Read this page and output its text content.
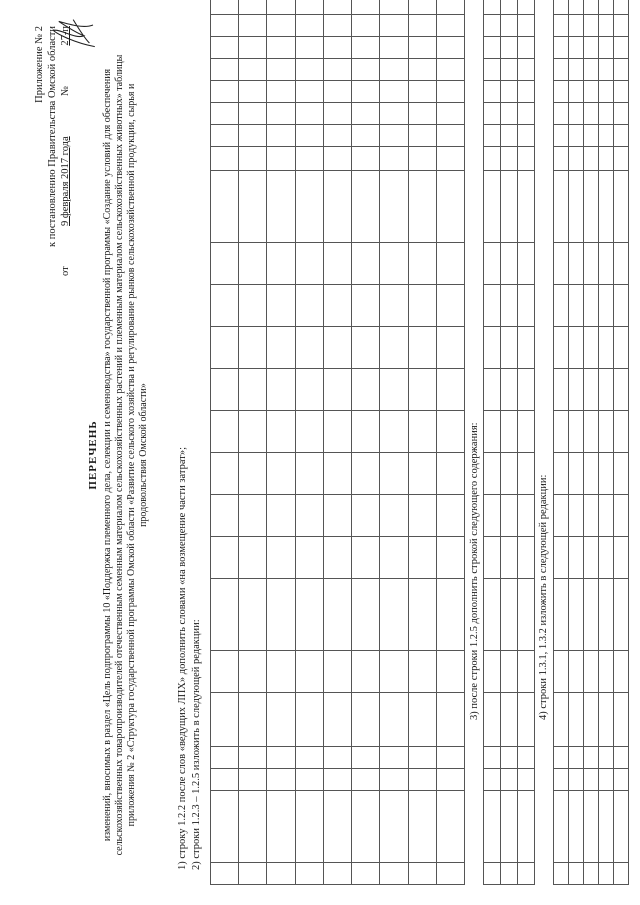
Приложение № 2 к постановлению Правительства Омской области
от
9 февраля 2017 года
№
27-п
ПЕРЕЧЕНЬ изменений, вносимых в раздел «Цель подпрограммы 10 «Поддержка племенного дела, селекции и семеноводства» государственной программы «Создание условий для обеспечения сельскохозяйственных товаропроизводителей отечественным семенным материалом сельскохозяйственных растений и племенным материалом сельскохозяйственных животных» таблицы приложения № 2 «Структура государственной программы Омской области «Развитие сельского хозяйства и регулирование рынков сельскохозяйственной продукции, сырья и продовольствия Омской области»	1) строку 1.2.2 после слов «ведущих ЛПХ» дополнить словами «на возмещение части затрат»; 2) строки 1.2.3 – 1.2.5 изложить в следующей редакции:

3) после строки 1.2.5 дополнить строкой следующего содержания:

																										4) строки 1.3.1, 1.3.2 изложить в следующей редакции:
